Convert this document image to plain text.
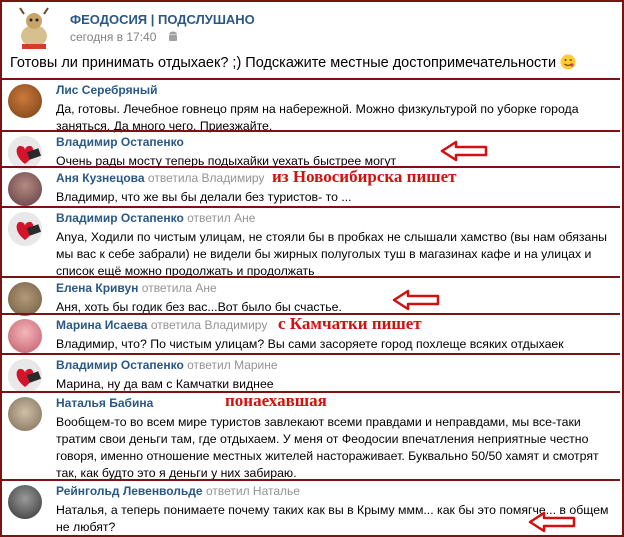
ФЕОДОСИЯ | ПОДСЛУШАНО
сегодня в 17:40
Готовы ли принимать отдыхаек? ;) Подскажите местные достопримечательности
Лис Серебряный
Да, готовы. Лечебное говнецо прям на набережной. Можно физкультурой по уборке города заняться. Да много чего. Приезжайте.
Владимир Остапенко
Очень рады мосту теперь подыхайки уехать быстрее могут
Аня Кузнецова ответила Владимиру
Владимир, что же вы бы делали без туристов- то ...
Владимир Остапенко ответил Ане
Anya, Ходили по чистым улицам, не стояли бы в пробках не слышали хамство (вы нам обязаны мы вас к себе забрали) не видели бы жирных полуголых туш в магазинах кафе и на улицах и список ещё можно продолжать и продолжать
Елена Кривун ответила Ане
Аня, хоть бы годик без вас...Вот было бы счастье.
Марина Исаева ответила Владимиру
Владимир, что? По чистым улицам? Вы сами засоряете город похлеще всяких отдыхаек
Владимир Остапенко ответил Марине
Марина, ну да вам с Камчатки виднее
Наталья Бабина
Вообщем-то во всем мире туристов завлекают всеми правдами и неправдами, мы все-таки тратим свои деньги там, где отдыхаем. У меня от Феодосии впечатления неприятные честно говоря, именно отношение местных жителей настораживает. Буквально 50/50 хамят и смотрят так, как будто это я деньги у них забираю.
Рейнгольд Левенвольде ответил Наталье
Наталья, а теперь понимаете почему таких как вы в Крыму ммм... как бы это помягче... в общем не любят?
из Новосибирска пишет
с Камчатки пишет
понаехавшая
